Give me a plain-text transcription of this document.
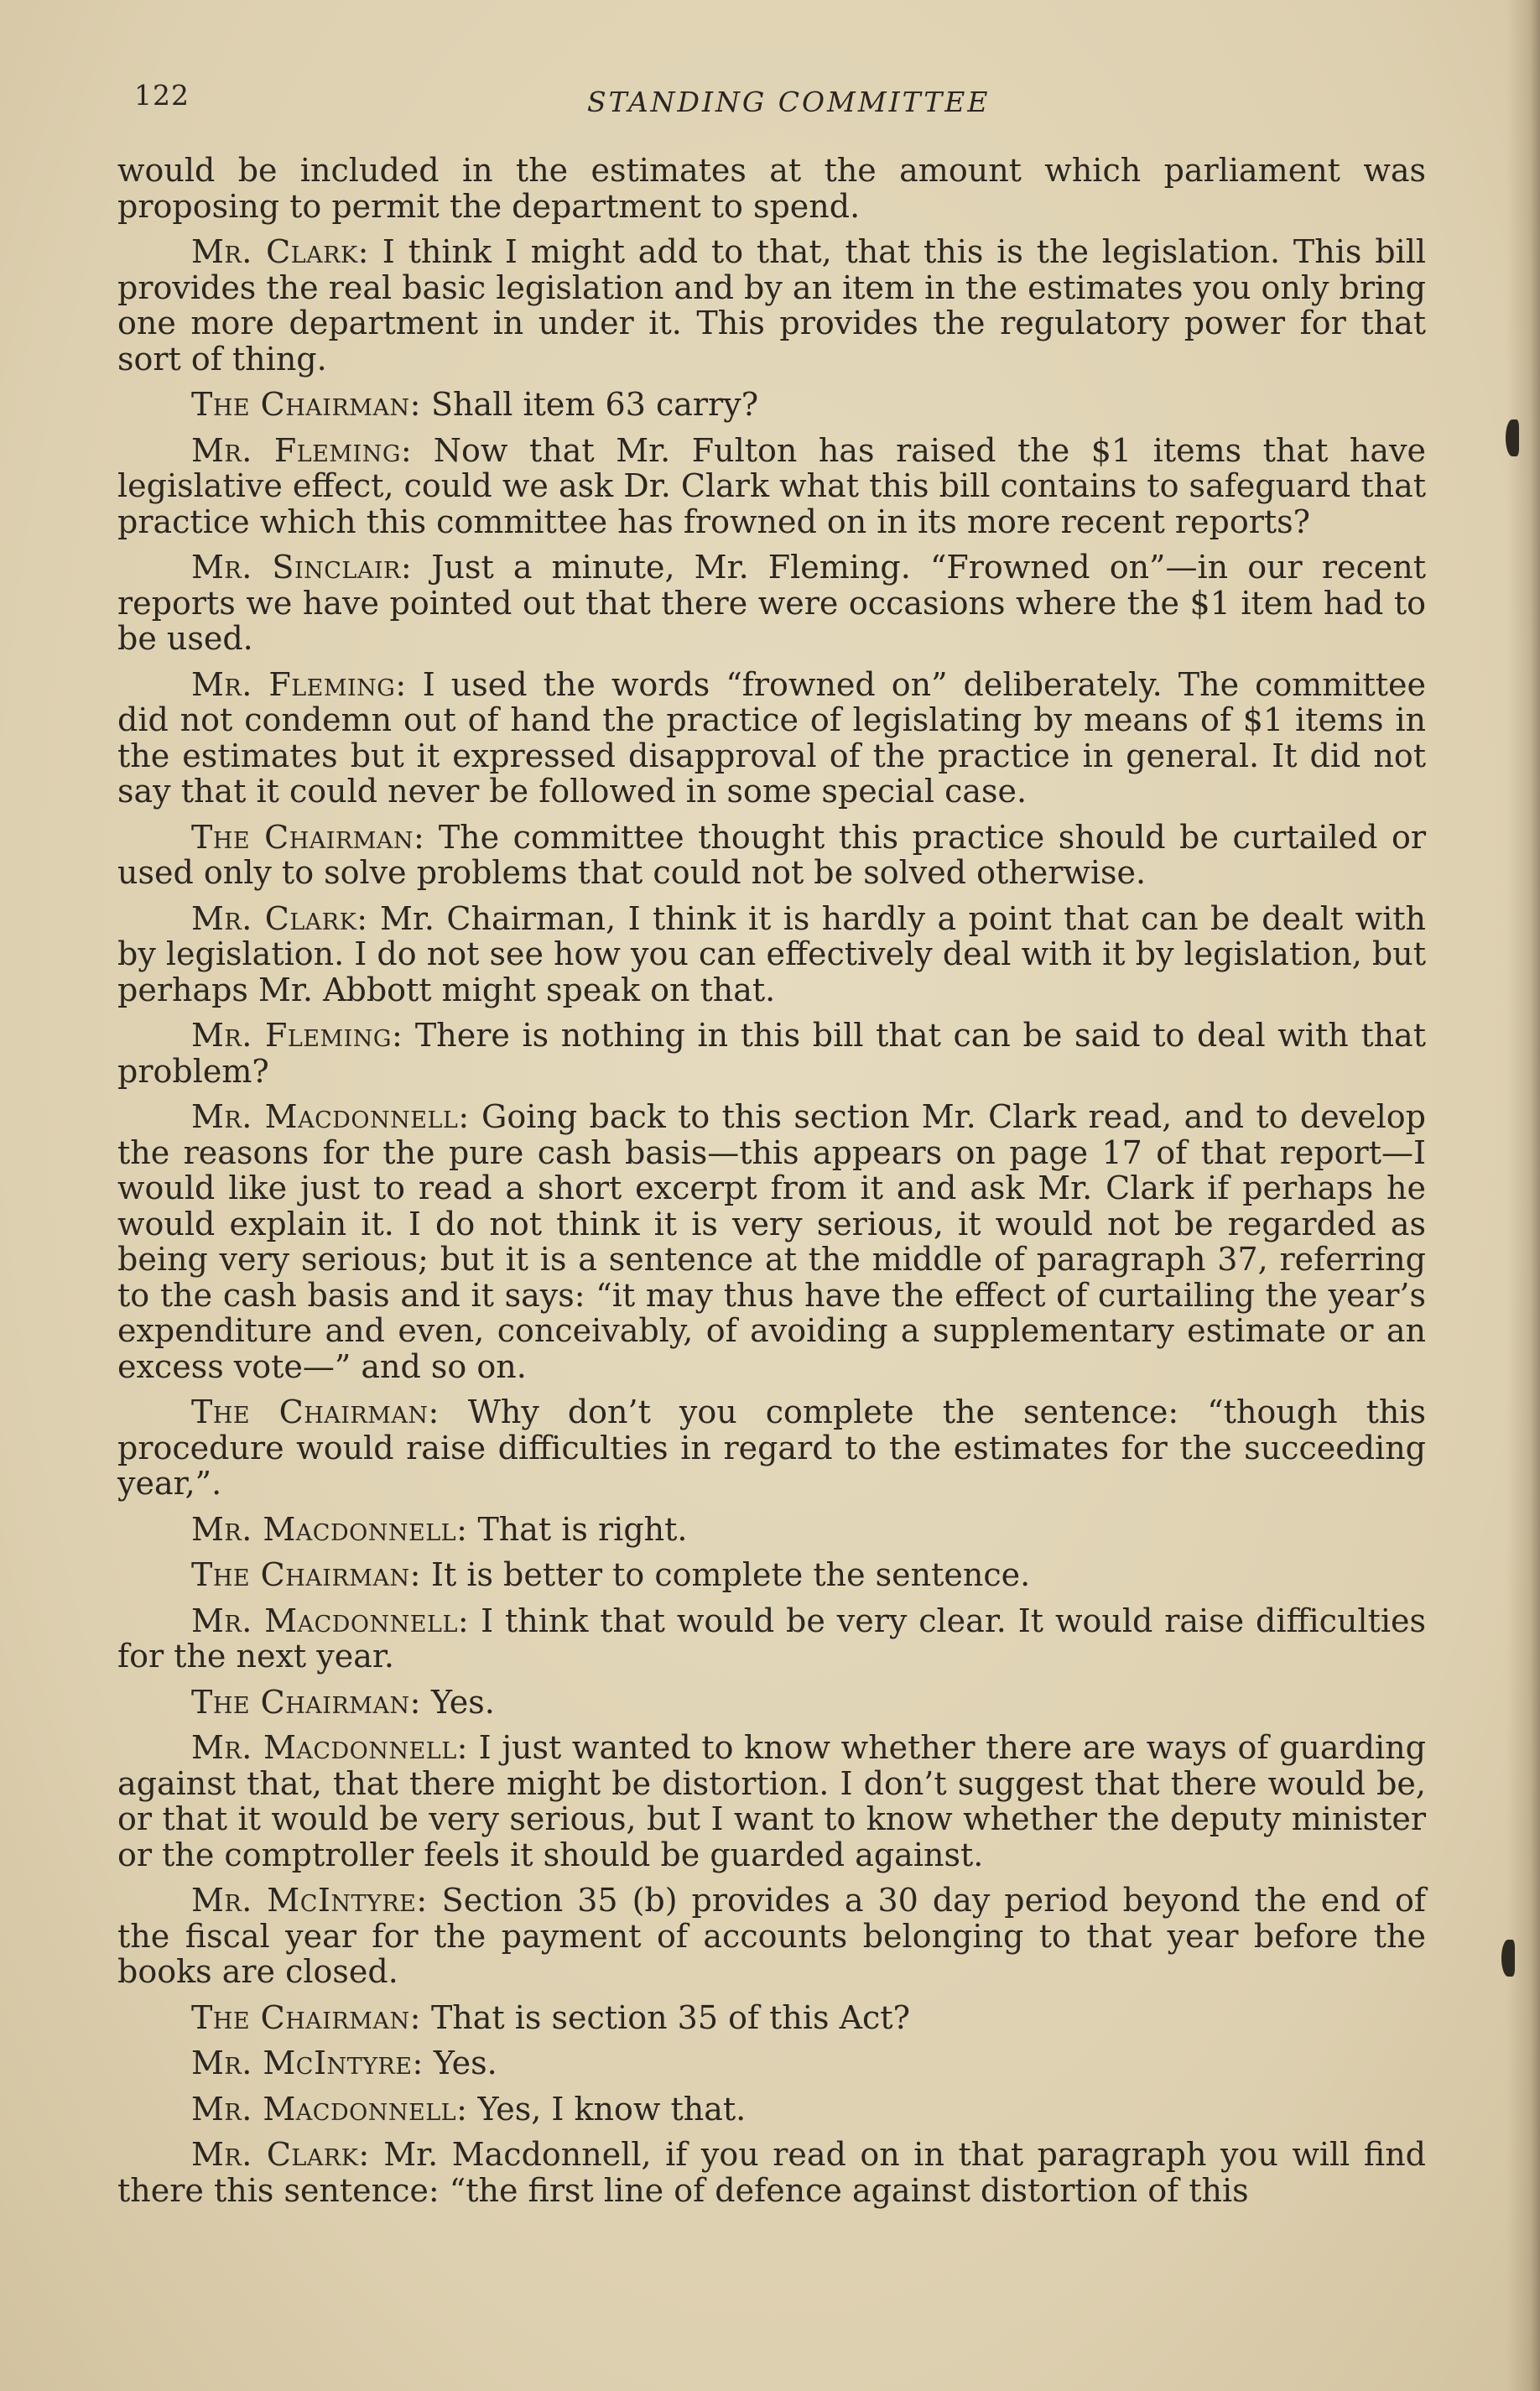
122	STANDING COMMITTEE

would be included in the estimates at the amount which parliament was proposing to permit the department to spend.

Mr. Clark: I think I might add to that, that this is the legislation. This bill provides the real basic legislation and by an item in the estimates you only bring one more department in under it. This provides the regulatory power for that sort of thing.

The Chairman: Shall item 63 carry?

Mr. Fleming: Now that Mr. Fulton has raised the $1 items that have legislative effect, could we ask Dr. Clark what this bill contains to safeguard that practice which this committee has frowned on in its more recent reports?

Mr. Sinclair: Just a minute, Mr. Fleming. “Frowned on”—in our recent reports we have pointed out that there were occasions where the $1 item had to be used.

Mr. Fleming: I used the words “frowned on” deliberately. The committee did not condemn out of hand the practice of legislating by means of $1 items in the estimates but it expressed disapproval of the practice in general. It did not say that it could never be followed in some special case.

The Chairman: The committee thought this practice should be curtailed or used only to solve problems that could not be solved otherwise.

Mr. Clark: Mr. Chairman, I think it is hardly a point that can be dealt with by legislation. I do not see how you can effectively deal with it by legislation, but perhaps Mr. Abbott might speak on that.

Mr. Fleming: There is nothing in this bill that can be said to deal with that problem?

Mr. Macdonnell: Going back to this section Mr. Clark read, and to develop the reasons for the pure cash basis—this appears on page 17 of that report—I would like just to read a short excerpt from it and ask Mr. Clark if perhaps he would explain it. I do not think it is very serious, it would not be regarded as being very serious; but it is a sentence at the middle of paragraph 37, referring to the cash basis and it says: “it may thus have the effect of curtailing the year’s expenditure and even, conceivably, of avoiding a supplementary estimate or an excess vote—” and so on.

The Chairman: Why don’t you complete the sentence: “though this procedure would raise difficulties in regard to the estimates for the succeeding year,”.

Mr. Macdonnell: That is right.

The Chairman: It is better to complete the sentence.

Mr. Macdonnell: I think that would be very clear. It would raise difficulties for the next year.

The Chairman: Yes.

Mr. Macdonnell: I just wanted to know whether there are ways of guarding against that, that there might be distortion. I don’t suggest that there would be, or that it would be very serious, but I want to know whether the deputy minister or the comptroller feels it should be guarded against.

Mr. McIntyre: Section 35 (b) provides a 30 day period beyond the end of the fiscal year for the payment of accounts belonging to that year before the books are closed.

The Chairman: That is section 35 of this Act?

Mr. McIntyre: Yes.

Mr. Macdonnell: Yes, I know that.

Mr. Clark: Mr. Macdonnell, if you read on in that paragraph you will find there this sentence: “the first line of defence against distortion of this
